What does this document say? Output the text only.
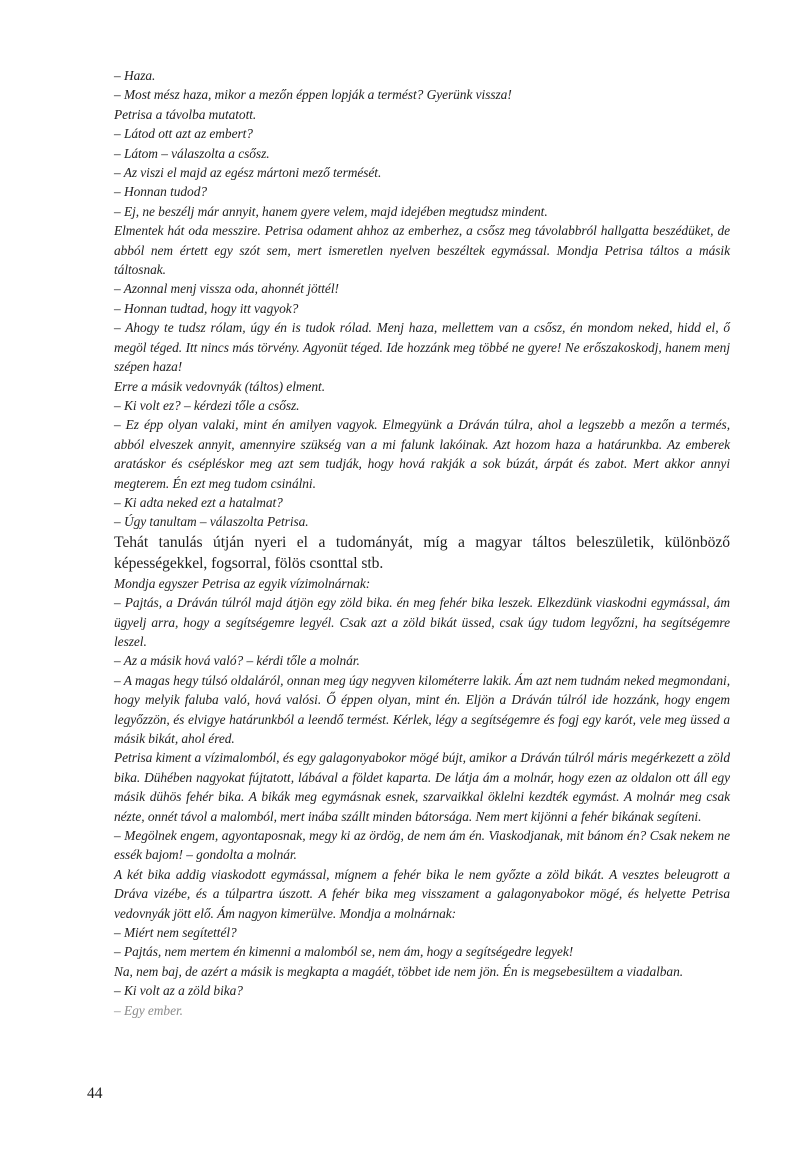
– Haza.

– Most mész haza, mikor a mezőn éppen lopják a termést? Gyerünk vissza!

Petrisa a távolba mutatott.

– Látod ott azt az embert?

– Látom – válaszolta a csősz.

– Az viszi el majd az egész mártoni mező termését.

– Honnan tudod?

– Ej, ne beszélj már annyit, hanem gyere velem, majd idejében megtudsz mindent.

Elmentek hát oda messzire. Petrisa odament ahhoz az emberhez, a csősz meg távolabbról hallgatta beszédüket, de abból nem értett egy szót sem, mert ismeretlen nyelven beszéltek egymással. Mondja Petrisa táltos a másik táltosnak.

– Azonnal menj vissza oda, ahonnét jöttél!

– Honnan tudtad, hogy itt vagyok?

– Ahogy te tudsz rólam, úgy én is tudok rólad. Menj haza, mellettem van a csősz, én mondom neked, hidd el, ő megöl téged. Itt nincs más törvény. Agyonüt téged. Ide hozzánk meg többé ne gyere! Ne erőszakoskodj, hanem menj szépen haza!

Erre a másik vedovnyák (táltos) elment.

– Ki volt ez? – kérdezi tőle a csősz.

– Ez épp olyan valaki, mint én amilyen vagyok. Elmegyünk a Dráván túlra, ahol a legszebb a mezőn a termés, abból elveszek annyit, amennyire szükség van a mi falunk lakóinak. Azt hozom haza a határunkba. Az emberek aratáskor és csépléskor meg azt sem tudják, hogy hová rakják a sok búzát, árpát és zabot. Mert akkor annyi megterem. Én ezt meg tudom csinálni.

– Ki adta neked ezt a hatalmat?

– Úgy tanultam – válaszolta Petrisa.

Tehát tanulás útján nyeri el a tudományát, míg a magyar táltos beleszületik, különböző képességekkel, fogsorral, fölös csonttal stb.

Mondja egyszer Petrisa az egyik vízimolnárnak:

– Pajtás, a Dráván túlról majd átjön egy zöld bika. én meg fehér bika leszek. Elkezdünk viaskodni egymással, ám ügyelj arra, hogy a segítségemre legyél. Csak azt a zöld bikát üssed, csak úgy tudom legyőzni, ha segítségemre leszel.

– Az a másik hová való? – kérdi tőle a molnár.

– A magas hegy túlsó oldaláról, onnan meg úgy negyven kilométerre lakik. Ám azt nem tudnám neked megmondani, hogy melyik faluba való, hová valósi. Ő éppen olyan, mint én. Eljön a Dráván túlról ide hozzánk, hogy engem legyőzzön, és elvigye határunkból a leendő termést. Kérlek, légy a segítségemre és fogj egy karót, vele meg üssed a másik bikát, ahol éred.

Petrisa kiment a vízimalomból, és egy galagonyabokor mögé bújt, amikor a Dráván túlról máris megérkezett a zöld bika. Dühében nagyokat fújtatott, lábával a földet kaparta. De látja ám a molnár, hogy ezen az oldalon ott áll egy másik dühös fehér bika. A bikák meg egymásnak esnek, szarvaikkal öklelni kezdték egymást. A molnár meg csak nézte, onnét távol a malomból, mert inába szállt minden bátorsága. Nem mert kijönni a fehér bikának segíteni.

– Megölnek engem, agyontaposnak, megy ki az ördög, de nem ám én. Viaskodjanak, mit bánom én? Csak nekem ne essék bajom! – gondolta a molnár.

A két bika addig viaskodott egymással, mígnem a fehér bika le nem győzte a zöld bikát. A vesztes beleugrott a Dráva vizébe, és a túlpartra úszott. A fehér bika meg visszament a galagonyabokor mögé, és helyette Petrisa vedovnyák jött elő. Ám nagyon kimerülve. Mondja a molnárnak:

– Miért nem segítettél?

– Pajtás, nem mertem én kimenni a malomból se, nem ám, hogy a segítségedre legyek!

Na, nem baj, de azért a másik is megkapta a magáét, többet ide nem jön. Én is megsebesültem a viadalban.

– Ki volt az a zöld bika?

– Egy ember.

44
